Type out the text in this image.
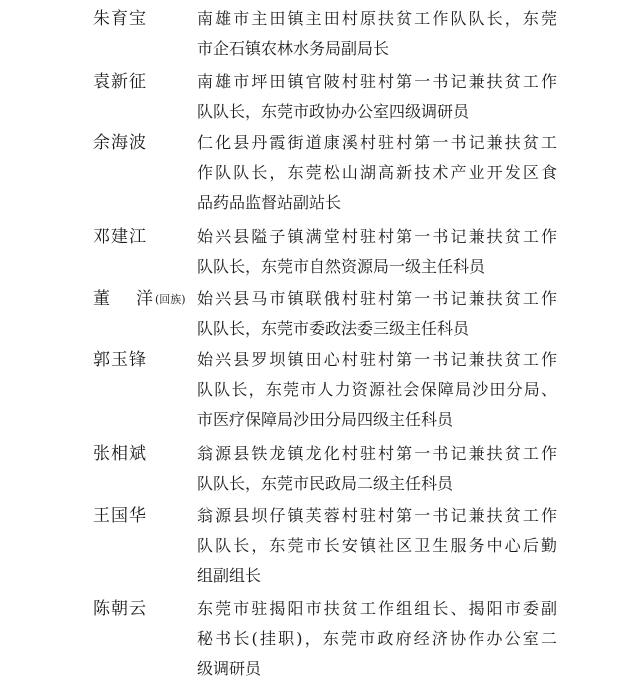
朱育宝	南雄市主田镇主田村原扶贫工作队队长，东莞
市企石镇农林水务局副局长
袁新征	南雄市坪田镇官陂村驻村第一书记兼扶贫工作
队队长，东莞市政协办公室四级调研员
余海波	仁化县丹霞街道康溪村驻村第一书记兼扶贫工
作队队长，东莞松山湖高新技术产业开发区食
品药品监督站副站长
邓建江	始兴县隘子镇满堂村驻村第一书记兼扶贫工作
队队长，东莞市自然资源局一级主任科员
董 洋 (回族) 始兴县马市镇联俄村驻村第一书记兼扶贫工作
队队长，东莞市委政法委三级主任科员
郭玉锋	始兴县罗坝镇田心村驻村第一书记兼扶贫工作
队队长，东莞市人力资源社会保障局沙田分局、
市医疗保障局沙田分局四级主任科员
张相斌	翁源县铁龙镇龙化村驻村第一书记兼扶贫工作
队队长，东莞市民政局二级主任科员
王国华	翁源县坝仔镇芙蓉村驻村第一书记兼扶贫工作
队队长，东莞市长安镇社区卫生服务中心后勤
组副组长
陈朝云	东莞市驻揭阳市扶贫工作组组长、揭阳市委副
秘书长(挂职)，东莞市政府经济协作办公室二
级调研员
